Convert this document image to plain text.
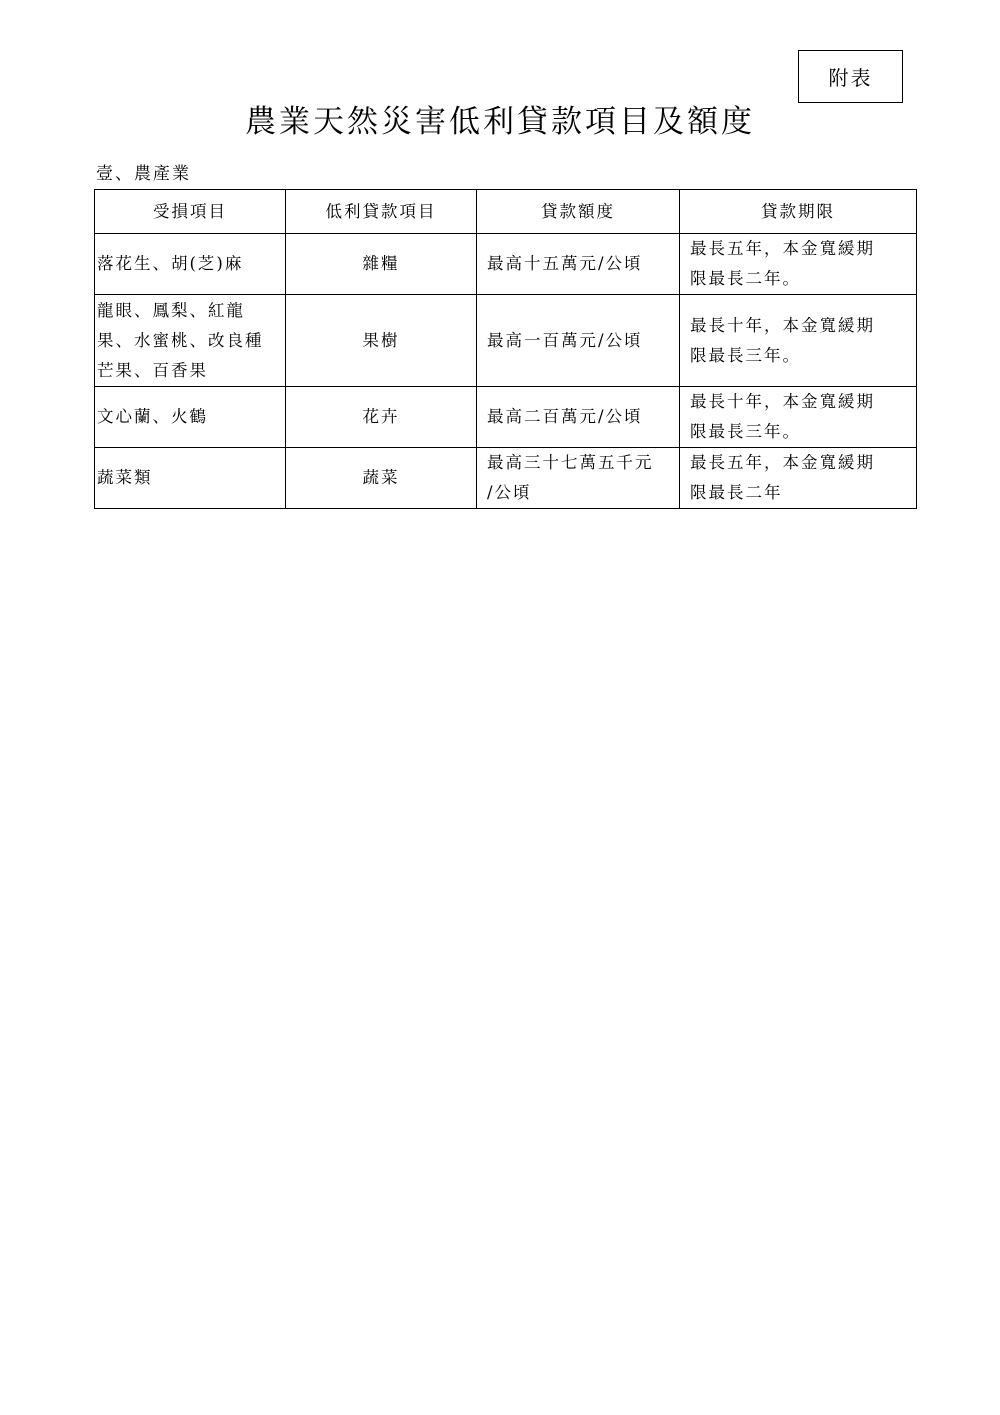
附表
農業天然災害低利貸款項目及額度
壹、農產業
受損項目	低利貸款項目	貸款額度	貸款期限
落花生、胡(芝)麻	雜糧	最高十五萬元/公頃	最長五年，本金寬緩期
限最長二年。
龍眼、鳳梨、紅龍
果、水蜜桃、改良種
芒果、百香果	果樹	最高一百萬元/公頃	最長十年，本金寬緩期
限最長三年。
文心蘭、火鶴	花卉	最高二百萬元/公頃	最長十年，本金寬緩期
限最長三年。
蔬菜類	蔬菜	最高三十七萬五千元
/公頃	最長五年，本金寬緩期
限最長二年
